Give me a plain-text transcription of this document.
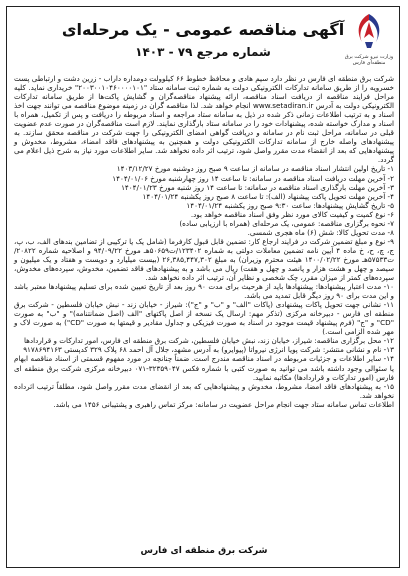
وزارت نیرو شرکت برق منطقه‌ای فارس
آگهی مناقصه عمومی - یک مرحله‌ای
شماره مرجع ۷۹ - ۱۴۰۳

شرکت برق منطقه ای فارس در نظر دارد سیم هادی و محافظ خطوط ۶۶ کیلوولت دومداره داراب - زرین دشت و ارتباطی پست خسرویه را از طریق سامانه تدارکات الکترونیکی دولت به شماره ثبت سامانه ستاد "۲۰۰۳۰۰۱۰۴۶۰۰۰۰۱۰۱" خریداری نماید. کلیه مراحل فرایند مناقصه از دریافت اسناد مناقصه، ارائه پیشنهاد مناقصه‌گران و گشایش پاکت‌ها از طریق سامانه تدارکات الکترونیکی دولت به آدرس www.setadiran.ir انجام خواهد شد. لذا مناقصه گران در زمینه موضوع مناقصه می توانند جهت اخذ اسناد و به ترتیب اطلاعات زمانی ذکر شده در ذیل به سامانه ستاد مراجعه و اسناد مربوطه را دریافت و پس از تکمیل، همراه با اسناد و مدارک خواسته شده، پیشنهادات خود را در سامانه ستاد بارگذاری نمایند. لازم است مناقصه‌گران در صورت عدم عضویت قبلی در سامانه، مراحل ثبت نام در سامانه و دریافت گواهی امضای الکترونیکی را جهت شرکت در مناقصه محقق سازند. به پیشنهادهای واصله خارج از سامانه تدارکات الکترونیکی دولت و همچنین به پیشنهادهای فاقد امضاء، مشروط، مخدوش و پیشنهادهایی که بعد از انقضاء مدت مقرر واصل شود، ترتیب اثر داده نخواهد شد. سایر اطلاعات مورد نیاز به شرح ذیل اعلام می گردد.

۱- تاریخ اولین انتشار اسناد مناقصه در سامانه از ساعت ۹ صبح روز دوشنبه مورخ ۱۴۰۳/۱۲/۲۷

۲- آخرین مهلت دریافت اسناد مناقصه در سامانه: تا ساعت ۱۴ روز چهارشنبه مورخ ۱۴۰۴/۰۱/۰۶

۳- آخرین مهلت بارگذاری اسناد مناقصه در سامانه: تا ساعت ۱۴ روز شنبه مورخ ۱۴۰۴/۰۱/۲۳

۴- آخرین مهلت تحویل پاکت پیشنهاد (الف): تا ساعت ۸ صبح روز یکشنبه ۱۴۰۴/۰۱/۲۴

۵- تاریخ گشایش پیشنهادها: ساعت ۹:۳۰ صبح روز یکشنبه ۱۴۰۴/۰۱/۲۴

۶- نوع کمیت و کیفیت کالای مورد نظر وفق اسناد مناقصه خواهد بود.

۷- نحوه برگزاری مناقصه: عمومی، یک مرحله‌ای (همراه با ارزیابی ساده)

۸- مدت تحویل کالا: شش (۶) ماه هجری شمسی.

۹- نوع و مبلغ تضمین شرکت در فرایند ارجاع کار: تضمین قابل قبول کارفرما (شامل یک یا ترکیبی از تضامین بندهای الف، ب، پ، ج، چ، ح، خ ماده ۴ آیین نامه تضمین معاملات دولتی به شماره ۱۲۳۴۰۲/ت۵۰۶۵۹هـ مورخ ۹۴/۰۹/۲۲ و اصلاحیه شماره ۲۰۸۲۲/ت۵۷۵۳۳هـ مورخ ۱۴۰۰/۰۲/۲۲ هیئت محترم وزیران) به مبلغ ۲۶,۳۸۵,۴۴۷,۳۰۲ (بیست میلیارد و دویست و هفتاد و یک میلیون و سیصد و چهل و هشت هزار و پانصد و چهل و هفت) ریال می باشد و به پیشنهادهای فاقد تضمین، مخدوش، سپرده‌های مخدوش، سپرده‌های کمتر از میزان مقرر، چک شخصی و نظایر آن، ترتیب اثر داده نخواهد شد.

۱۰- مدت اعتبار پیشنهادها: پیشنهادها باید از هرحیث برای مدت ۹۰ روز بعد از تاریخ تعیین شده برای تسلیم پیشنهادها معتبر باشد و این مدت برای ۹۰ روز دیگر قابل تمدید می باشد.

۱۱- نشانی جهت تحویل پاکات پیشنهادی (پاکات "الف" و "ب" و "ج"): شیراز - خیابان زند - نبش خیابان فلسطین - شرکت برق منطقه ای فارس - دبیرخانه مرکزی (تذکر مهم: ارسال یک نسخه از اصل پاکتهای "الف (اصل ضمانتنامه)" و "ب" به صورت "CD" و "ج" (فرم پیشنهاد قیمت موجود در اسناد به صورت فیزیکی و جداول مقادیر و قیمتها به صورت "CD") به صورت لاک و مهر شده الزامی است.)

۱۲- محل برگزاری مناقصه: شیراز، خیابان زند، نبش خیابان فلسطین، شرکت برق منطقه ای فارس، امور تدارکات و قراردادها

۱۳- نام و نشانی منتشر: شرکت پویا انرژی نیرواتا (پیوایرو) به آدرس مشهد، جلال آل احمد ۶۸ پلاک ۳۲۹ کدپستی ۹۱۷۸۶۹۴۱۶۳

۱۴- سایر اطلاعات و جزئیات مربوطه در اسناد مناقصه مندرج است. ضمناً چنانچه در مورد مفهوم قسمتی از اسناد مناقصه ابهام یا سئوالی وجود داشته باشد می توانید به صورت کتبی با شماره فکس ۳۲۳۵۹۰۴۷-۰۷۱ دبیرخانه مرکزی شرکت برق منطقه ای فارس (امور تدارکات و قراردادها) مکاتبه نمایید.

۱۵- به پیشنهادهای فاقد امضا، مشروط، مخدوش و پیشنهادهایی که بعد از انقضای مدت مقرر واصل شود، مطلقاً ترتیب اثرداده نخواهد شد.

اطلاعات تماس سامانه ستاد جهت انجام مراحل عضویت در سامانه: مرکز تماس راهبری و پشتیبانی ۱۴۵۶ می باشد.

شرکت برق منطقه ای فارس
